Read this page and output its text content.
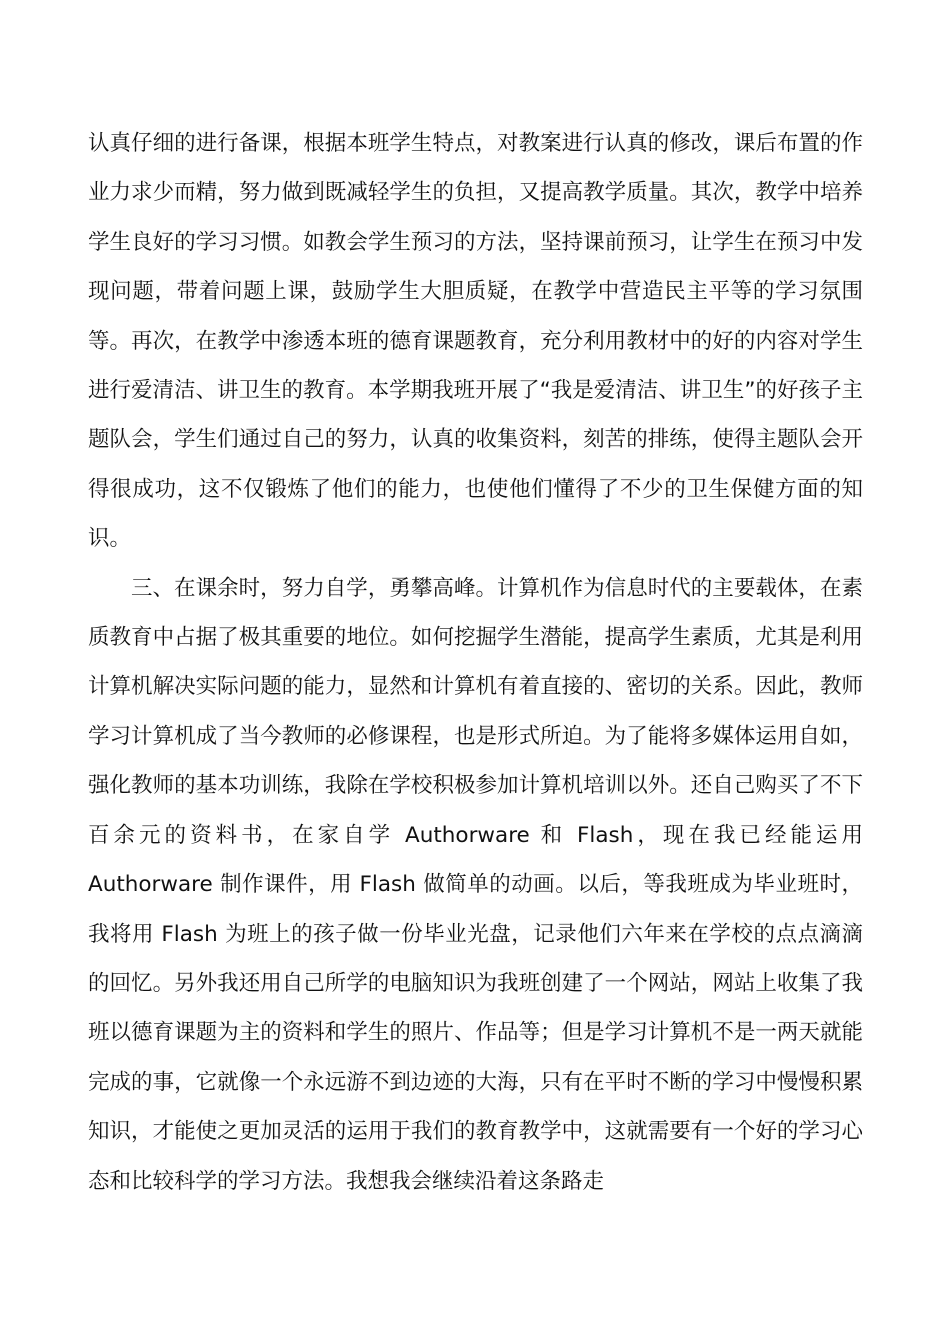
认真仔细的进行备课，根据本班学生特点，对教案进行认真的修改，课后布置的作业力求少而精，努力做到既减轻学生的负担，又提高教学质量。其次，教学中培养学生良好的学习习惯。如教会学生预习的方法，坚持课前预习，让学生在预习中发现问题，带着问题上课，鼓励学生大胆质疑，在教学中营造民主平等的学习氛围等。再次，在教学中渗透本班的德育课题教育，充分利用教材中的好的内容对学生进行爱清洁、讲卫生的教育。本学期我班开展了“我是爱清洁、讲卫生”的好孩子主题队会，学生们通过自己的努力，认真的收集资料，刻苦的排练，使得主题队会开得很成功，这不仅锻炼了他们的能力，也使他们懂得了不少的卫生保健方面的知识。

三、在课余时，努力自学，勇攀高峰。计算机作为信息时代的主要载体，在素质教育中占据了极其重要的地位。如何挖掘学生潜能，提高学生素质，尤其是利用计算机解决实际问题的能力，显然和计算机有着直接的、密切的关系。因此，教师学习计算机成了当今教师的必修课程，也是形式所迫。为了能将多媒体运用自如，强化教师的基本功训练，我除在学校积极参加计算机培训以外。还自己购买了不下百余元的资料书，在家自学 Authorware 和 Flash，现在我已经能运用 Authorware 制作课件，用 Flash 做简单的动画。以后，等我班成为毕业班时，我将用 Flash 为班上的孩子做一份毕业光盘，记录他们六年来在学校的点点滴滴的回忆。另外我还用自己所学的电脑知识为我班创建了一个网站，网站上收集了我班以德育课题为主的资料和学生的照片、作品等；但是学习计算机不是一两天就能完成的事，它就像一个永远游不到边迹的大海，只有在平时不断的学习中慢慢积累知识，才能使之更加灵活的运用于我们的教育教学中，这就需要有一个好的学习心态和比较科学的学习方法。我想我会继续沿着这条路走
